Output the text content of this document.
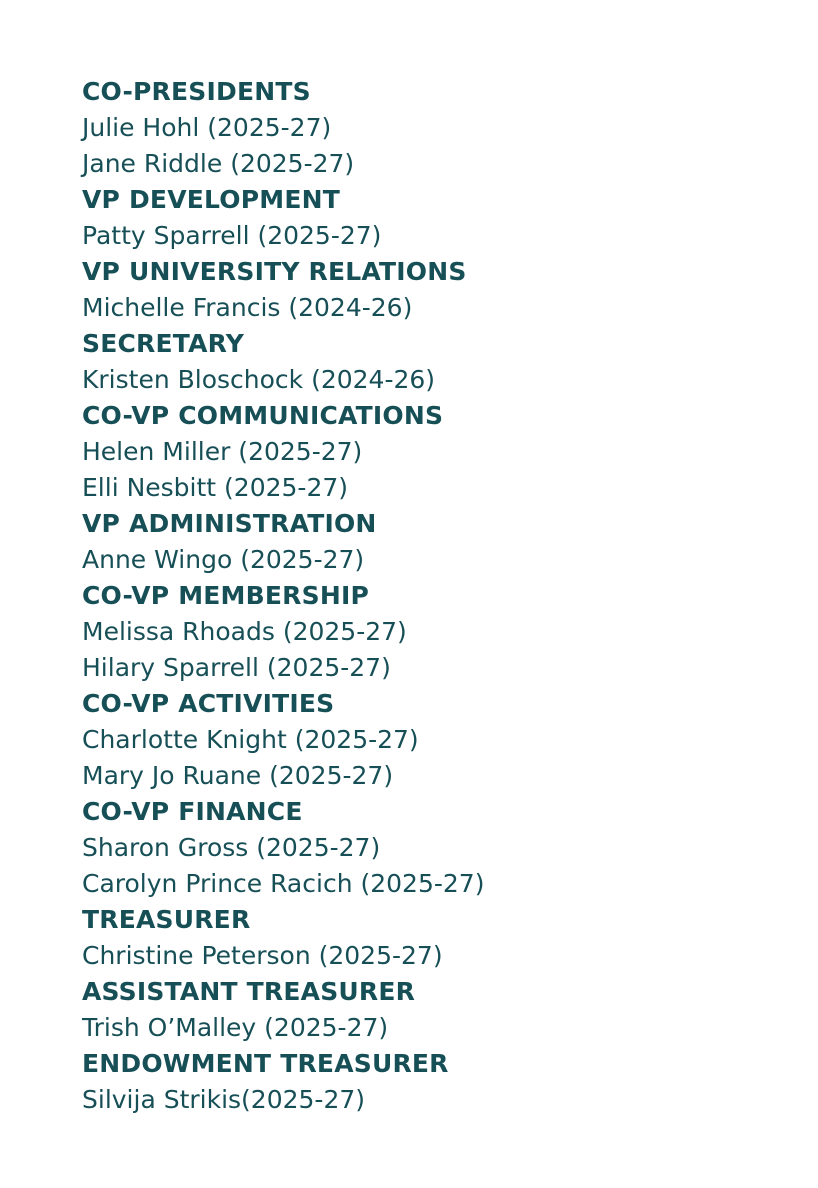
CO-PRESIDENTS
Julie Hohl (2025-27)
Jane Riddle (2025-27)
VP DEVELOPMENT
Patty Sparrell (2025-27)
VP UNIVERSITY RELATIONS
Michelle Francis (2024-26)
SECRETARY
Kristen Bloschock (2024-26)
CO-VP COMMUNICATIONS
Helen Miller (2025-27)
Elli Nesbitt (2025-27)
VP ADMINISTRATION
Anne Wingo (2025-27)
CO-VP MEMBERSHIP
Melissa Rhoads (2025-27)
Hilary Sparrell (2025-27)
CO-VP ACTIVITIES
Charlotte Knight (2025-27)
Mary Jo Ruane (2025-27)
CO-VP FINANCE
Sharon Gross (2025-27)
Carolyn Prince Racich (2025-27)
TREASURER
Christine Peterson (2025-27)
ASSISTANT TREASURER
Trish O’Malley (2025-27)
ENDOWMENT TREASURER
Silvija Strikis(2025-27)
